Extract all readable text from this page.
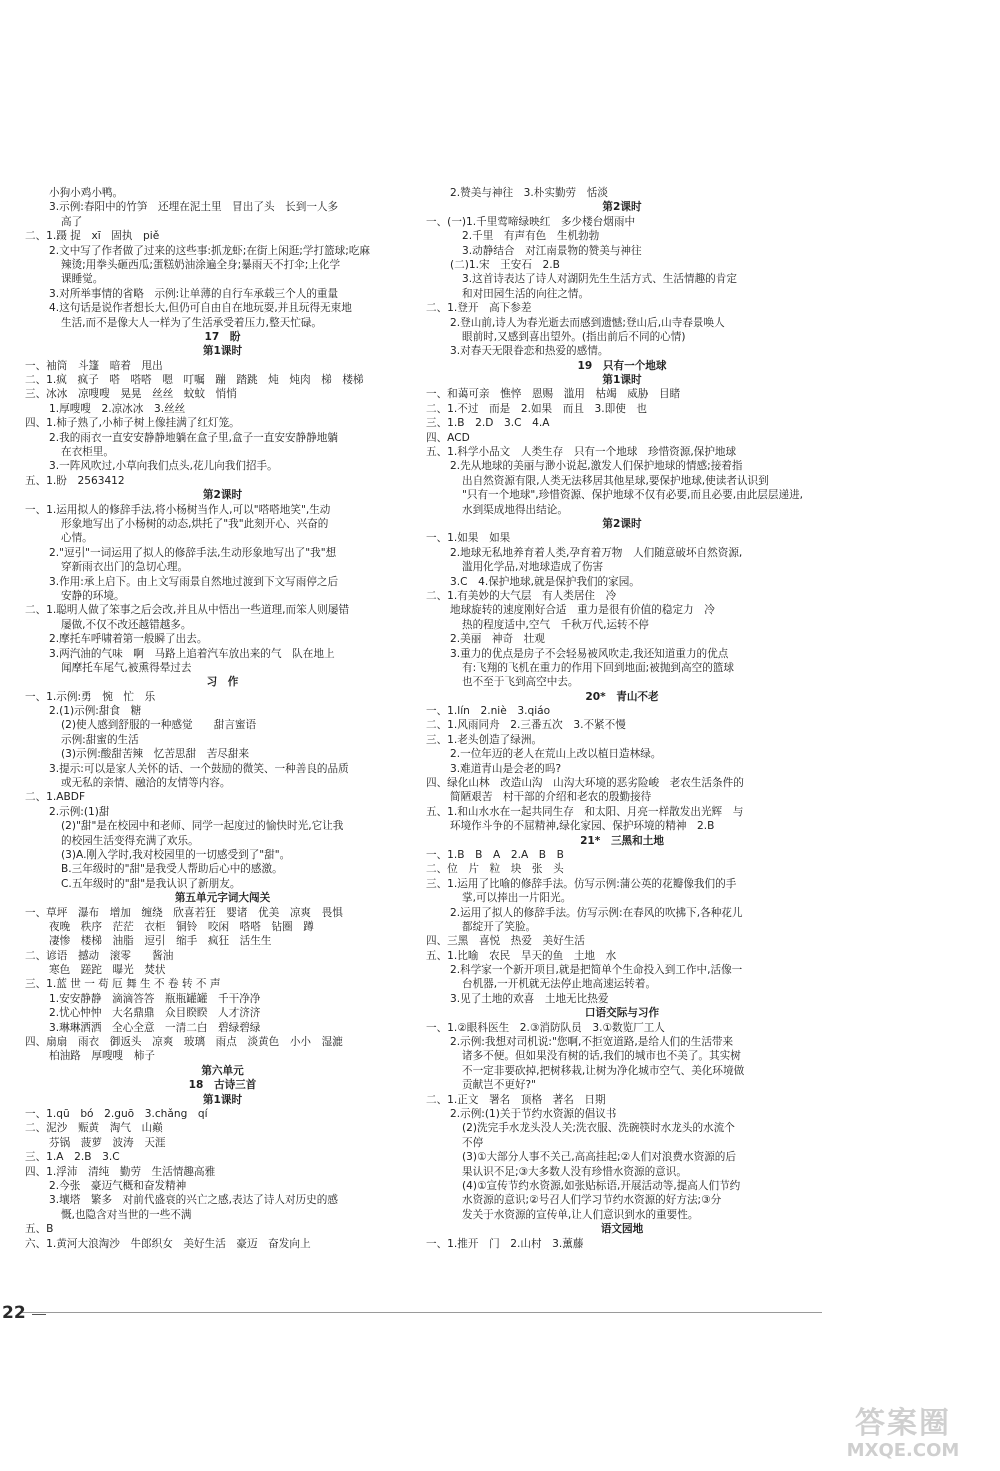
小狗小鸡小鸭。
3.示例:春阳中的竹笋　还埋在泥土里　冒出了头　长到一人多
高了
二、1.蹑 捉　xī　固执　piě
2.文中写了作者做了过来的这些事:抓龙虾;在街上闲逛;学打篮球;吃麻
辣烫;用拳头砸西瓜;蛋糕奶油涂遍全身;暴雨天不打伞;上化学
课睡觉。
3.对所举事情的省略　示例:让单薄的自行车承载三个人的重量
4.这句话是说作者想长大,但仍可自由自在地玩耍,并且玩得无束地
生活,而不是像大人一样为了生活承受着压力,整天忙碌。
17　盼
第1课时
一、袖筒　斗篷　暗着　甩出
二、1.疯　疯子　嗒　嗒嗒　嗯　叮嘱　蹦　踏跳　炖　炖肉　梯　楼梯
三、冰冰　凉嗖嗖　晃晃　丝丝　蚊蚊　悄悄
1.厚嗖嗖　2.凉冰冰　3.丝丝
四、1.柿子熟了,小柿子树上像挂满了红灯笼。
2.我的雨衣一直安安静静地躺在盒子里,盒子一直安安静静地躺
在衣柜里。
3.一阵风吹过,小草向我们点头,花儿向我们招手。
五、1.盼　2563412
第2课时
一、1.运用拟人的修辞手法,将小杨树当作人,可以"嗒嗒地笑",生动
形象地写出了小杨树的动态,烘托了"我"此刻开心、兴奋的
心情。
2."逗引"一词运用了拟人的修辞手法,生动形象地写出了"我"想
穿新雨衣出门的急切心理。
3.作用:承上启下。由上文写雨景自然地过渡到下文写雨停之后
安静的环境。
二、1.聪明人做了笨事之后会改,并且从中悟出一些道理,而笨人则屡错
屡做,不仅不改还越错越多。
2.摩托车呼啸着第一般瞬了出去。
3.两汽油的气味　啊　马路上追着汽车放出来的气　队在地上
闻摩托车尾气,被熏得晕过去
习　作
一、1.示例:勇　惋　忙　乐
2.(1)示例:甜食　糖
(2)使人感到舒服的一种感觉　　甜言蜜语
示例:甜蜜的生活
(3)示例:酸甜苦辣　忆苦思甜　苦尽甜来
3.提示:可以是家人关怀的话、一个鼓励的微笑、一种善良的品质
或无私的亲情、融洽的友情等内容。
二、1.ABDF
2.示例:(1)甜
(2)"甜"是在校园中和老师、同学一起度过的愉快时光,它让我
的校园生活变得充满了欢乐。
(3)A.刚入学时,我对校园里的一切感受到了"甜"。
B.三年级时的"甜"是我受人帮助后心中的感激。
C.五年级时的"甜"是我认识了新朋友。
第五单元字词大闯关
一、草坪　瀑布　增加　缠绕　欣喜若狂　婴诸　优美　凉爽　畏惧
夜晚　秩序　茫茫　衣柜　铜铃　咬闲　嗒嗒　钻圈　蹲
凄惨　楼梯　油脂　逗引　缩手　疯狂　活生生
二、谚语　撼动　滚零　　酱油
寒色　蹉跎　曝光　焚状
三、1.蓝 世 一 苟 厄 舞 生 不 卷 转 不 声
1.安安静静　滴滴答答　瓶瓶罐罐　千干净净
2.忧心忡忡　大名鼎鼎　众目睽睽　人才济济
3.琳琳洒洒　全心全意　一清二白　碧绿碧绿
四、扇扇　雨衣　御返头　凉爽　玻璃　雨点　淡黄色　小小　湿漉
柏油路　厚嗖嗖　柿子
第六单元
18　古诗三首
第1课时
一、1.qū　bó　2.guō　3.chǎng　qí
二、泥沙　赈黄　淘气　山巅
芬锅　菠萝　波涛　天涯
三、1.A　2.B　3.C
四、1.浮沛　清纯　勤劳　生活情趣高雅
2.今张　豪迈气概和奋发精神
3.壤塔　繁多　对前代盛衰的兴亡之感,表达了诗人对历史的感
慨,也隐含对当世的一些不满
五、B
六、1.黄河大浪淘沙　牛郎织女　美好生活　豪迈　奋发向上
2.赞美与神往　3.朴实勤劳　恬淡
第2课时
一、(一)1.千里莺啼绿映红　多少楼台烟雨中
2.千里　有声有色　生机勃勃
3.动静结合　对江南景物的赞美与神往
(二)1.宋　王安石　2.B
3.这首诗表达了诗人对湖阴先生生活方式、生活情趣的肯定
和对田园生活的向往之情。
二、1.登开　高下参差
2.登山前,诗人为春光逝去而感到遗憾;登山后,山寺春景唤人
眼前时,又感到喜出望外。(指出前后不同的心情)
3.对春天无限眷恋和热爱的感情。
19　只有一个地球
第1课时
一、和蔼可亲　憔悴　恩赐　滥用　枯竭　威胁　目睹
二、1.不过　而是　2.如果　而且　3.即使　也
三、1.B　2.D　3.C　4.A
四、ACD
五、1.科学小品文　人类生存　只有一个地球　珍惜资源,保护地球
2.先从地球的美丽与渺小说起,激发人们保护地球的情感;接着指
出自然资源有限,人类无法移居其他星球,要保护地球,使读者认识到
"只有一个地球",珍惜资源、保护地球不仅有必要,而且必要,由此层层递进,
水到渠成地得出结论。
第2课时
一、1.如果　如果
2.地球无私地养育着人类,孕育着万物　人们随意破坏自然资源,
滥用化学品,对地球造成了伤害
3.C　4.保护地球,就是保护我们的家园。
二、1.有美妙的大气层　有人类居住　冷
地球旋转的速度刚好合适　重力是很有价值的稳定力　冷
热的程度适中,空气　千秋万代,运转不停
2.美丽　神奇　壮观
3.重力的优点是房子不会轻易被风吹走,我还知道重力的优点
有:飞翔的飞机在重力的作用下回到地面;被抛到高空的篮球
也不至于飞到高空中去。
20*　青山不老
一、1.lín　2.niè　3.qiáo
二、1.风雨同舟　2.三番五次　3.不紧不慢
三、1.老头创造了绿洲。
2.一位年迈的老人在荒山上改以植日造林绿。
3.难道青山是会老的吗?
四、绿化山林　改造山沟　山沟大环境的恶劣险峻　老农生活条件的
简陋艰苦　村干部的介绍和老农的殷勤接待
五、1.和山水水在一起共同生存　和太阳、月亮一样散发出光辉　与
环境作斗争的不屈精神,绿化家园、保护环境的精神　2.B
21*　三黑和土地
一、1.B　B　A　2.A　B　B
二、位　片　粒　块　张　头
三、1.运用了比喻的修辞手法。仿写示例:蒲公英的花瓣像我们的手
掌,可以捧出一片阳光。
2.运用了拟人的修辞手法。仿写示例:在春风的吹拂下,各种花儿
都绽开了笑脸。
四、三黑　喜悦　热爱　美好生活
五、1.比喻　农民　旱天的鱼　土地　水
2.科学家一个新开项目,就是把简单个生命投入到工作中,活像一
台机器,一开机就无法停止地高速运转着。
3.见了土地的欢喜　土地无比热爱
口语交际与习作
一、1.②眼科医生　2.③消防队员　3.①数览厂工人
2.示例:我想对司机说:"您啊,不拒宽道路,是给人们的生活带来
诸多不便。但如果没有树的话,我们的城市也不美了。其实树
不一定非要砍掉,把树移栽,让树为净化城市空气、美化环境做
贡献岂不更好?"
二、1.正文　署名　顶格　著名　日期
2.示例:(1)关于节约水资源的倡议书
(2)洗完手水龙头没人关;洗衣服、洗碗筷时水龙头的水流个
不停
(3)①大部分人事不关己,高高挂起;②人们对浪费水资源的后
果认识不足;③大多数人没有珍惜水资源的意识。
(4)①宣传节约水资源,如张贴标语,开展活动等,提高人们节约
水资源的意识;②号召人们学习节约水资源的好方法;③分
发关于水资源的宣传单,让人们意识到水的重要性。
语文园地
一、1.推开　门　2.山村　3.薰藤
22
答案圈
MXQE.COM
